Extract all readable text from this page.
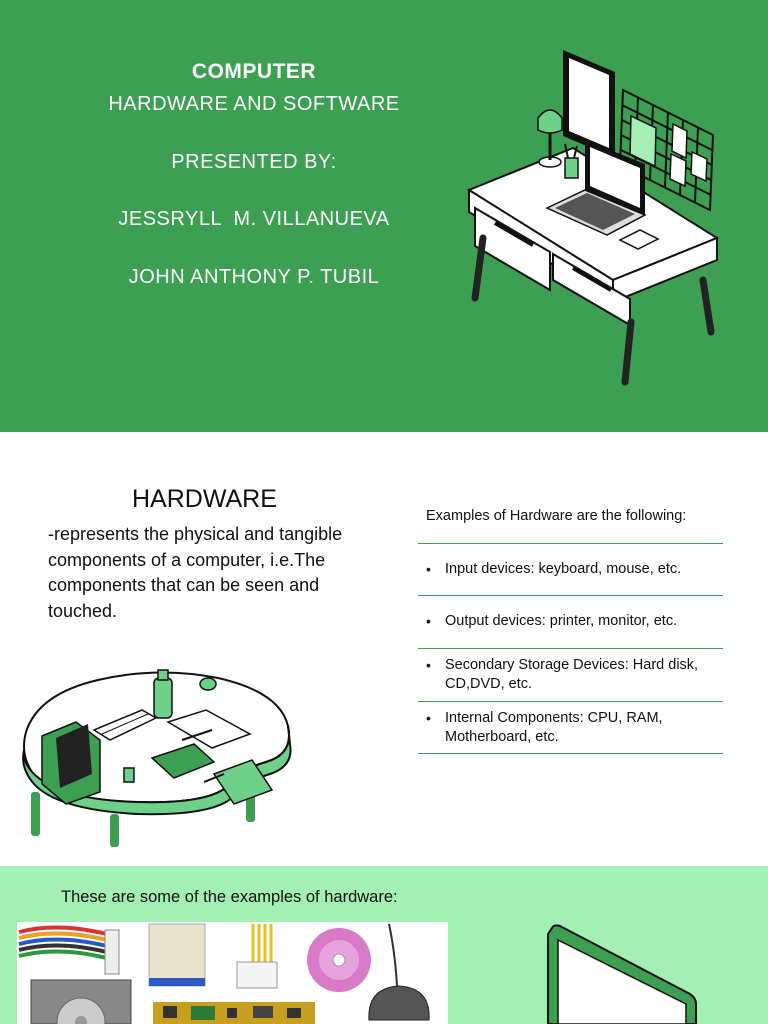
COMPUTER
HARDWARE AND SOFTWARE
PRESENTED BY:
JESSRYLL  M. VILLANUEVA
JOHN ANTHONY P. TUBIL
HARDWARE
-represents the physical and tangible components of a computer, i.e.The components that can be seen and touched.
Examples of Hardware are the following:
• Input devices: keyboard, mouse, etc.
• Output devices: printer, monitor, etc.
• Secondary Storage Devices: Hard disk,
CD,DVD, etc.
• Internal Components: CPU, RAM,
Motherboard, etc.
These are some of the examples of hardware:
